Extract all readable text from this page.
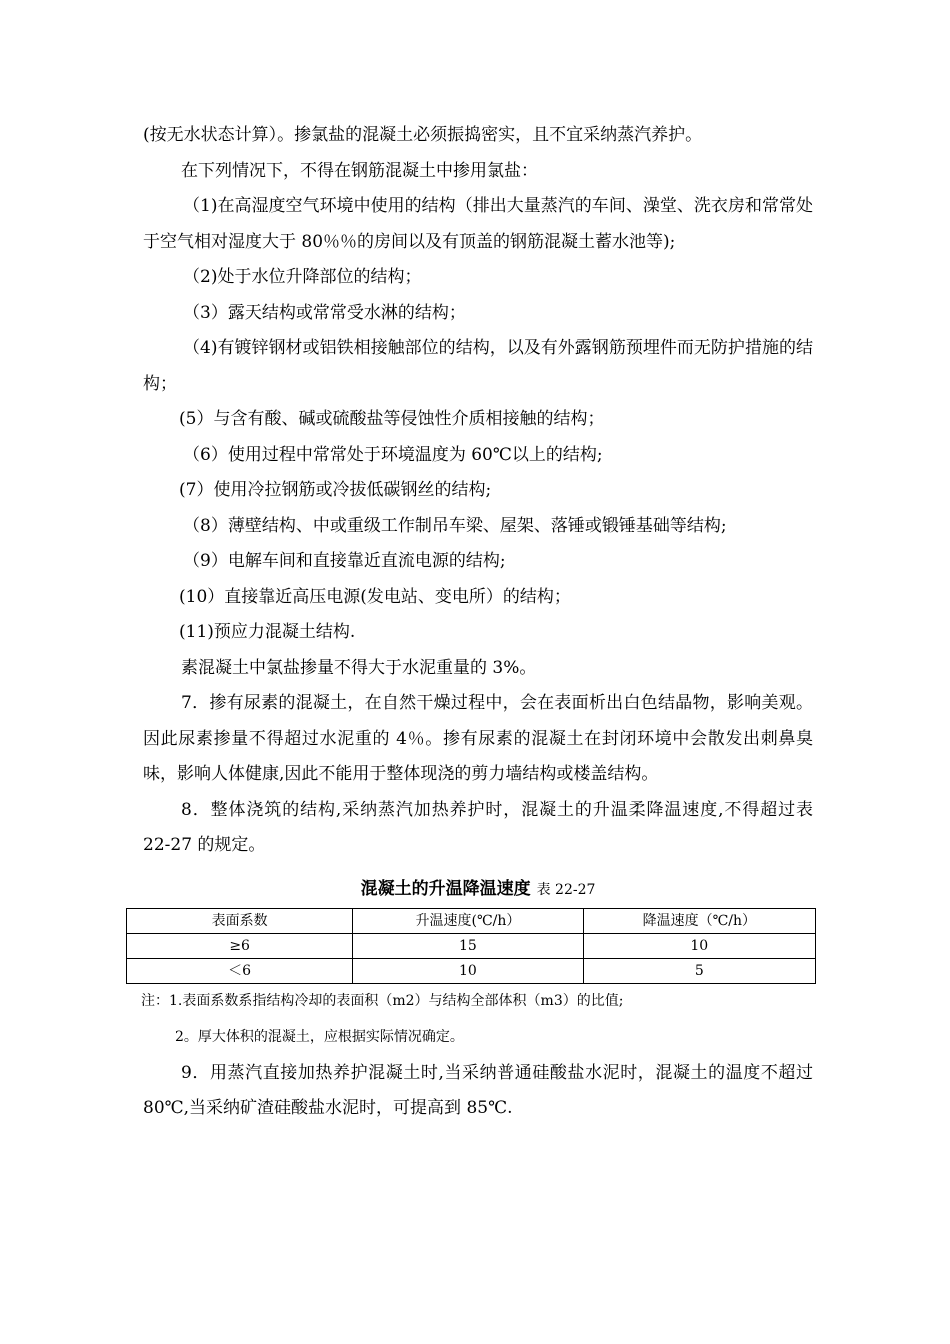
(按无水状态计算）。掺氯盐的混凝土必须振捣密实，且不宜采纳蒸汽养护。

在下列情况下，不得在钢筋混凝土中掺用氯盐：

（1)在高湿度空气环境中使用的结构（排出大量蒸汽的车间、澡堂、洗衣房和常常处于空气相对湿度大于 80％％的房间以及有顶盖的钢筋混凝土蓄水池等);

（2)处于水位升降部位的结构；

（3）露天结构或常常受水淋的结构；

（4)有镀锌钢材或铝铁相接触部位的结构，以及有外露钢筋预埋件而无防护措施的结构；

(5）与含有酸、碱或硫酸盐等侵蚀性介质相接触的结构；

（6）使用过程中常常处于环境温度为 60℃以上的结构;

(7）使用冷拉钢筋或冷拔低碳钢丝的结构;

（8）薄壁结构、中或重级工作制吊车梁、屋架、落锤或锻锤基础等结构;

（9）电解车间和直接靠近直流电源的结构;

(10）直接靠近高压电源(发电站、变电所）的结构；

(11)预应力混凝土结构.

素混凝土中氯盐掺量不得大于水泥重量的 3%。

7．掺有尿素的混凝土，在自然干燥过程中，会在表面析出白色结晶物，影响美观。因此尿素掺量不得超过水泥重的 4％。掺有尿素的混凝土在封闭环境中会散发出刺鼻臭味，影响人体健康,因此不能用于整体现浇的剪力墙结构或楼盖结构。

8．整体浇筑的结构,采纳蒸汽加热养护时，混凝土的升温柔降温速度,不得超过表 22-27 的规定。

混凝土的升温降温速度 表 22-27
表面系数	升温速度(℃/h）	降温速度（℃/h）
≥6	15	10
＜6	10	5

注：1.表面系数系指结构冷却的表面积（m2）与结构全部体积（m3）的比值;

2。厚大体积的混凝土，应根据实际情况确定。

9．用蒸汽直接加热养护混凝土时,当采纳普通硅酸盐水泥时，混凝土的温度不超过 80℃,当采纳矿渣硅酸盐水泥时，可提高到 85℃.
